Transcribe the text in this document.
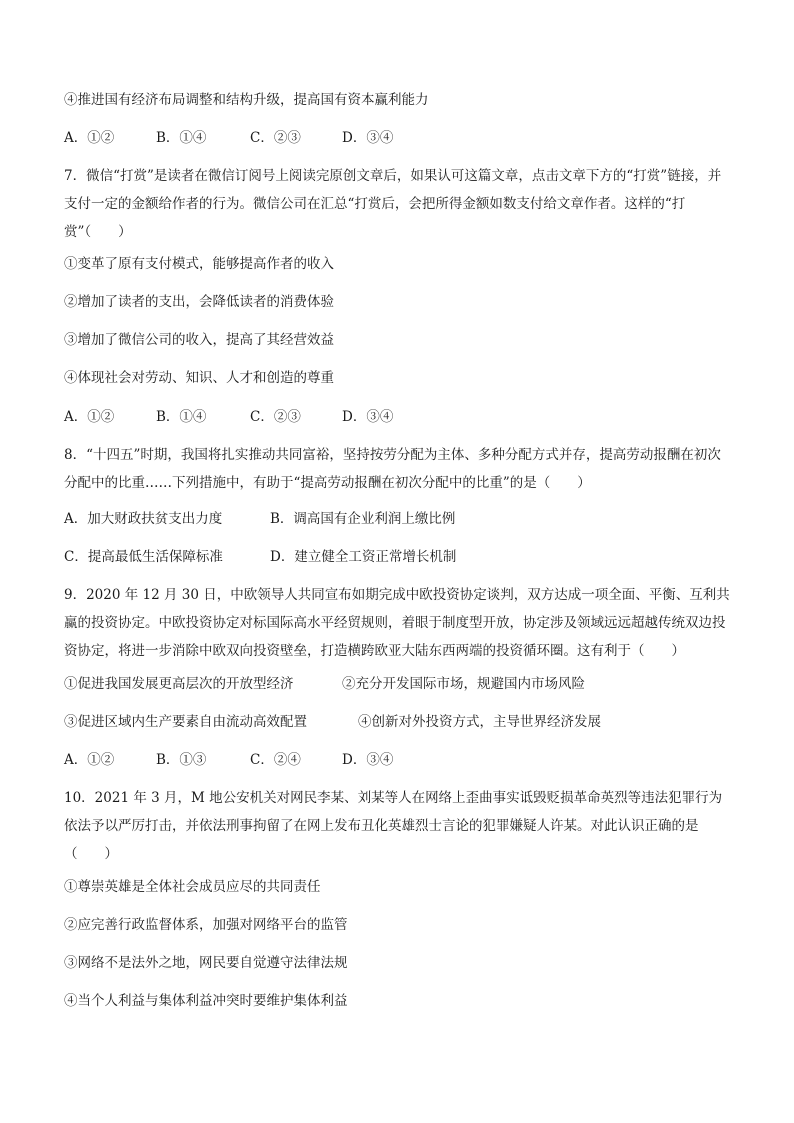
④推进国有经济布局调整和结构升级，提高国有资本赢利能力
A．①②	B．①④	C．②③	D．③④
7．微信“打赏”是读者在微信订阅号上阅读完原创文章后，如果认可这篇文章，点击文章下方的“打赏”链接，并支付一定的金额给作者的行为。微信公司在汇总“打赏后，会把所得金额如数支付给文章作者。这样的“打赏”（　　）
①变革了原有支付模式，能够提高作者的收入
②增加了读者的支出，会降低读者的消费体验
③增加了微信公司的收入，提高了其经营效益
④体现社会对劳动、知识、人才和创造的尊重
A．①②	B．①④	C．②③	D．③④
8．“十四五”时期，我国将扎实推动共同富裕，坚持按劳分配为主体、多种分配方式并存，提高劳动报酬在初次分配中的比重……下列措施中，有助于“提高劳动报酬在初次分配中的比重”的是（　　）
A．加大财政扶贫支出力度	B．调高国有企业利润上缴比例
C．提高最低生活保障标准	D．建立健全工资正常增长机制
9．2020 年 12 月 30 日，中欧领导人共同宣布如期完成中欧投资协定谈判，双方达成一项全面、平衡、互利共赢的投资协定。中欧投资协定对标国际高水平经贸规则，着眼于制度型开放，协定涉及领域远远超越传统双边投资协定，将进一步消除中欧双向投资壁垒，打造横跨欧亚大陆东西两端的投资循环圈。这有利于（　　）
①促进我国发展更高层次的开放型经济	②充分开发国际市场，规避国内市场风险
③促进区域内生产要素自由流动高效配置	④创新对外投资方式，主导世界经济发展
A．①②	B．①③	C．②④	D．③④
10．2021 年 3 月，M 地公安机关对网民李某、刘某等人在网络上歪曲事实诋毁贬损革命英烈等违法犯罪行为依法予以严厉打击，并依法刑事拘留了在网上发布丑化英雄烈士言论的犯罪嫌疑人许某。对此认识正确的是（　　）
①尊崇英雄是全体社会成员应尽的共同责任
②应完善行政监督体系，加强对网络平台的监管
③网络不是法外之地，网民要自觉遵守法律法规
④当个人利益与集体利益冲突时要维护集体利益
